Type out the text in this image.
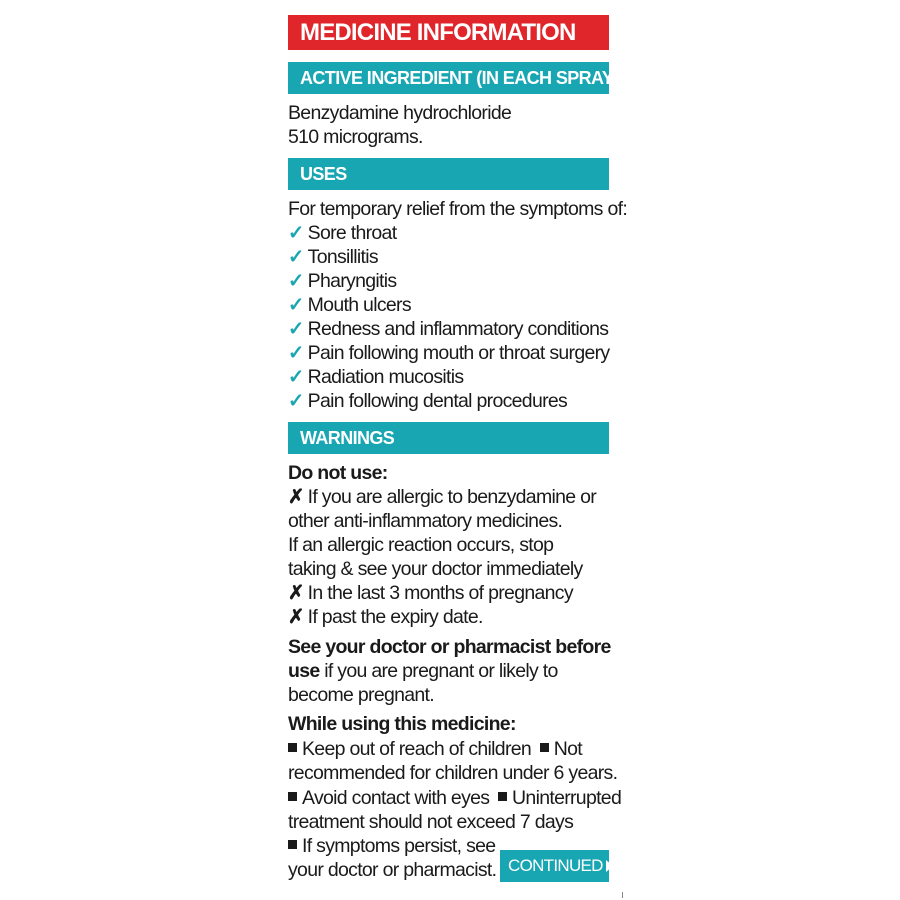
MEDICINE INFORMATION
ACTIVE INGREDIENT (IN EACH SPRAY)
Benzydamine hydrochloride
510 micrograms.
USES
For temporary relief from the symptoms of:
✓ Sore throat
✓ Tonsillitis
✓ Pharyngitis
✓ Mouth ulcers
✓ Redness and inflammatory conditions
✓ Pain following mouth or throat surgery
✓ Radiation mucositis
✓ Pain following dental procedures
WARNINGS
Do not use:
✗ If you are allergic to benzydamine or
other anti-inflammatory medicines.
If an allergic reaction occurs, stop
taking & see your doctor immediately
✗ In the last 3 months of pregnancy
✗ If past the expiry date.
See your doctor or pharmacist before
use if you are pregnant or likely to
become pregnant.
While using this medicine:
Keep out of reach of children Not
recommended for children under 6 years.
Avoid contact with eyes Uninterrupted
treatment should not exceed 7 days
If symptoms persist, see
your doctor or pharmacist. CONTINUED
